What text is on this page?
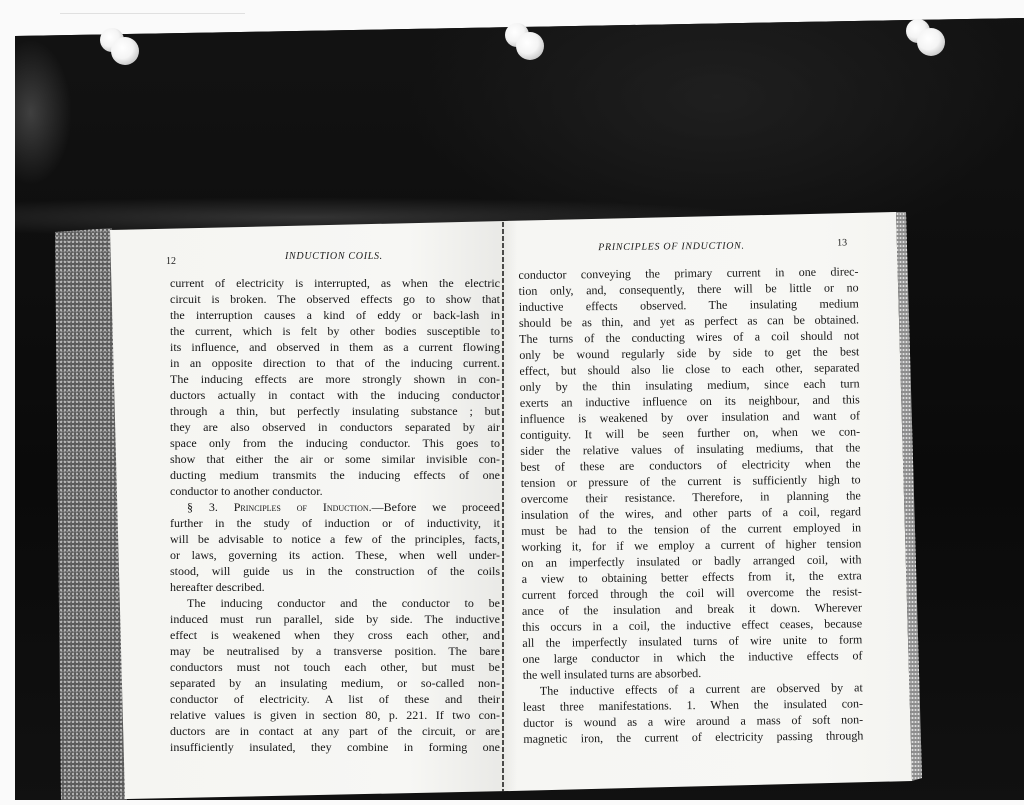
12	INDUCTION COILS.
current of electricity is interrupted, as when the electric
circuit is broken. The observed effects go to show that
the interruption causes a kind of eddy or back-lash in
the current, which is felt by other bodies susceptible to
its influence, and observed in them as a current flowing
in an opposite direction to that of the inducing current.
The inducing effects are more strongly shown in con-
ductors actually in contact with the inducing conductor
through a thin, but perfectly insulating substance ; but
they are also observed in conductors separated by air
space only from the inducing conductor. This goes to
show that either the air or some similar invisible con-
ducting medium transmits the inducing effects of one
conductor to another conductor.
§ 3. Principles of Induction.—Before we proceed
further in the study of induction or of inductivity, it
will be advisable to notice a few of the principles, facts,
or laws, governing its action. These, when well under-
stood, will guide us in the construction of the coils
hereafter described.
The inducing conductor and the conductor to be
induced must run parallel, side by side. The inductive
effect is weakened when they cross each other, and
may be neutralised by a transverse position. The bare
conductors must not touch each other, but must be
separated by an insulating medium, or so-called non-
conductor of electricity. A list of these and their
relative values is given in section 80, p. 221. If two con-
ductors are in contact at any part of the circuit, or are
insufficiently insulated, they combine in forming one
PRINCIPLES OF INDUCTION.	13
conductor conveying the primary current in one direc-
tion only, and, consequently, there will be little or no
inductive effects observed. The insulating medium
should be as thin, and yet as perfect as can be obtained.
The turns of the conducting wires of a coil should not
only be wound regularly side by side to get the best
effect, but should also lie close to each other, separated
only by the thin insulating medium, since each turn
exerts an inductive influence on its neighbour, and this
influence is weakened by over insulation and want of
contiguity. It will be seen further on, when we con-
sider the relative values of insulating mediums, that the
best of these are conductors of electricity when the
tension or pressure of the current is sufficiently high to
overcome their resistance. Therefore, in planning the
insulation of the wires, and other parts of a coil, regard
must be had to the tension of the current employed in
working it, for if we employ a current of higher tension
on an imperfectly insulated or badly arranged coil, with
a view to obtaining better effects from it, the extra
current forced through the coil will overcome the resist-
ance of the insulation and break it down. Wherever
this occurs in a coil, the inductive effect ceases, because
all the imperfectly insulated turns of wire unite to form
one large conductor in which the inductive effects of
the well insulated turns are absorbed.
The inductive effects of a current are observed by at
least three manifestations. 1. When the insulated con-
ductor is wound as a wire around a mass of soft non-
magnetic iron, the current of electricity passing through
